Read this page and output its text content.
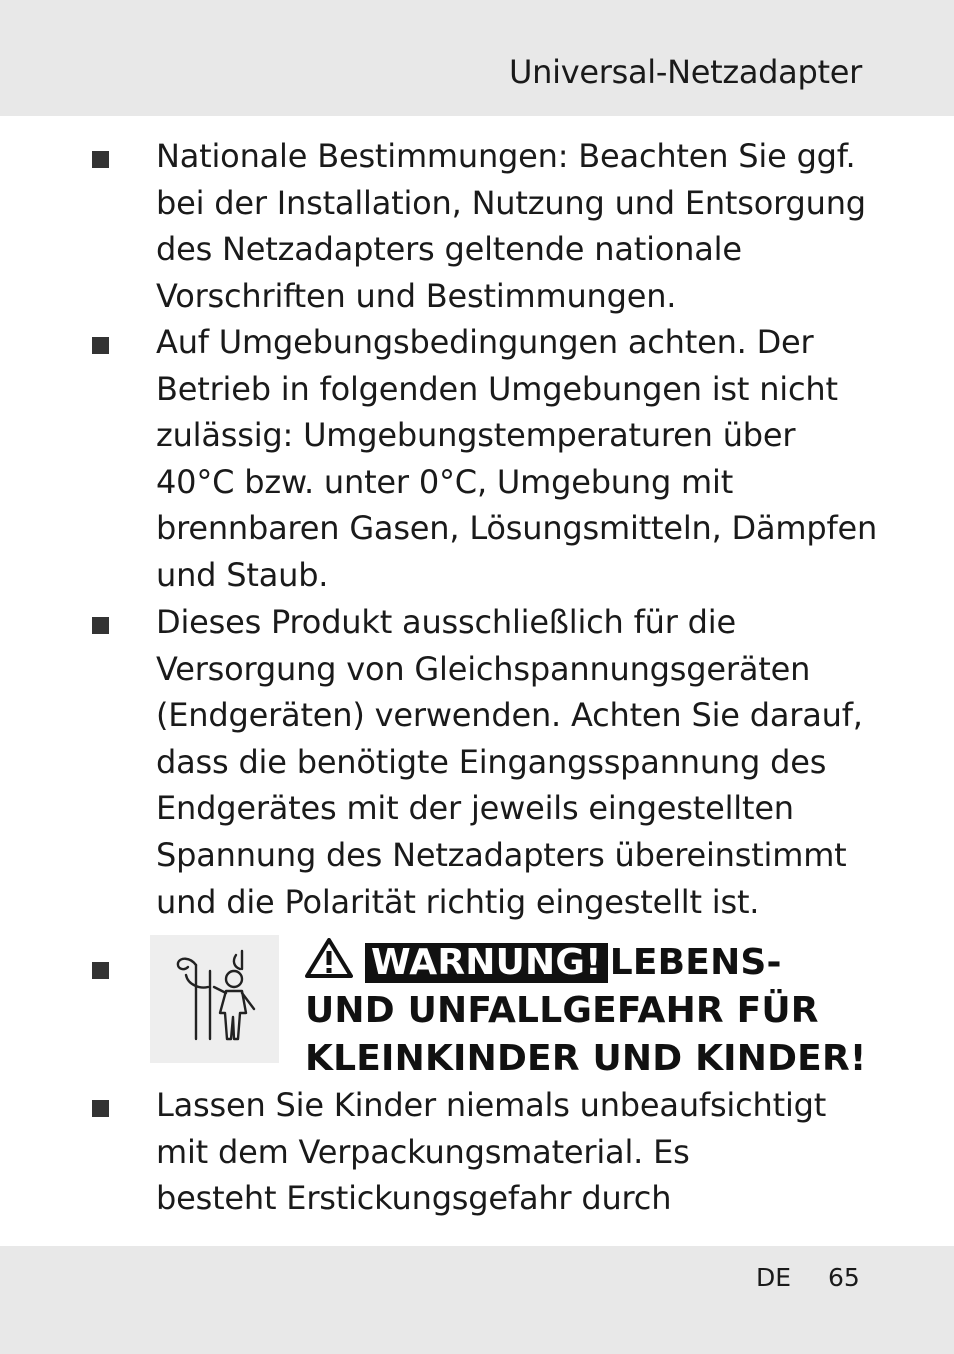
Universal-Netzadapter
Nationale Bestimmungen: Beachten Sie ggf.
bei der Installation, Nutzung und Entsorgung
des Netzadapters geltende nationale
Vorschriften und Bestimmungen.
Auf Umgebungsbedingungen achten. Der
Betrieb in folgenden Umgebungen ist nicht
zulässig: Umgebungstemperaturen über
40°C bzw. unter 0°C, Umgebung mit
brennbaren Gasen, Lösungsmitteln, Dämpfen
und Staub.
Dieses Produkt ausschließlich für die
Versorgung von Gleichspannungsgeräten
(Endgeräten) verwenden. Achten Sie darauf,
dass die benötigte Eingangsspannung des
Endgerätes mit der jeweils eingestellten
Spannung des Netzadapters übereinstimmt
und die Polarität richtig eingestellt ist.
WARNUNG! LEBENS-
UND UNFALLGEFAHR FÜR
KLEINKINDER UND KINDER!
Lassen Sie Kinder niemals unbeaufsichtigt
mit dem Verpackungsmaterial. Es
besteht Erstickungsgefahr durch
DE 65
